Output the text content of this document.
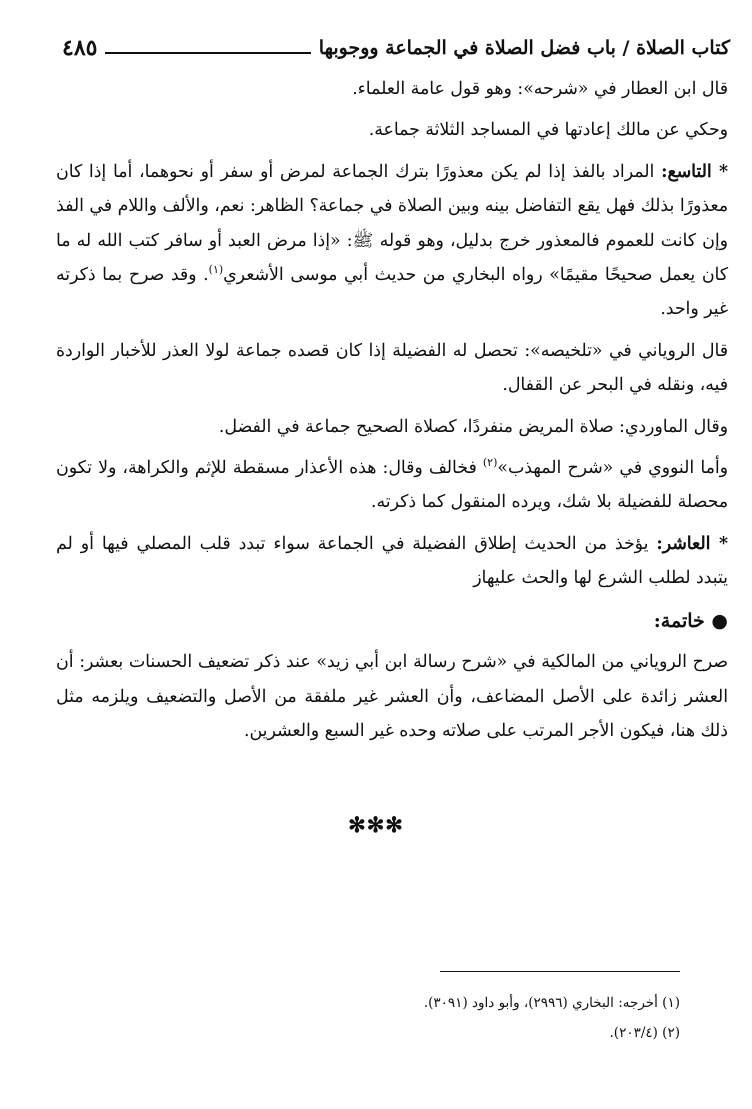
كتاب الصلاة / باب فضل الصلاة في الجماعة ووجوبها
٤٨٥

قال ابن العطار في «شرحه»: وهو قول عامة العلماء.

وحكي عن مالك إعادتها في المساجد الثلاثة جماعة.

* التاسع: المراد بالفذ إذا لم يكن معذورًا بترك الجماعة لمرض أو سفر أو نحوهما، أما إذا كان معذورًا بذلك فهل يقع التفاضل بينه وبين الصلاة في جماعة؟ الظاهر: نعم، والألف واللام في الفذ وإن كانت للعموم فالمعذور خرج بدليل، وهو قوله ﷺ: «إذا مرض العبد أو سافر كتب الله له ما كان يعمل صحيحًا مقيمًا» رواه البخاري من حديث أبي موسى الأشعري$^{(١)}$. وقد صرح بما ذكرته غير واحد.

قال الروياني في «تلخيصه»: تحصل له الفضيلة إذا كان قصده جماعة لولا العذر للأخبار الواردة فيه، ونقله في البحر عن القفال.

وقال الماوردي: صلاة المريض منفردًا، كصلاة الصحيح جماعة في الفضل.

وأما النووي في «شرح المهذب»$^{(٢)}$ فخالف وقال: هذه الأعذار مسقطة للإثم والكراهة، ولا تكون محصلة للفضيلة بلا شك، ويرده المنقول كما ذكرته.

* العاشر: يؤخذ من الحديث إطلاق الفضيلة في الجماعة سواء تبدد قلب المصلي فيها أو لم يتبدد لطلب الشرع لها والحث عليهاز

● خاتمة:

صرح الروياني من المالكية في «شرح رسالة ابن أبي زيد» عند ذكر تضعيف الحسنات بعشر: أن العشر زائدة على الأصل المضاعف، وأن العشر غير ملفقة من الأصل والتضعيف ويلزمه مثل ذلك هنا، فيكون الأجر المرتب على صلاته وحده غير السبع والعشرين.

✻✻✻
(١) أخرجه: البخاري (٢٩٩٦)، وأبو داود (٣٠٩١).
(٢) (٢٠٣/٤).
